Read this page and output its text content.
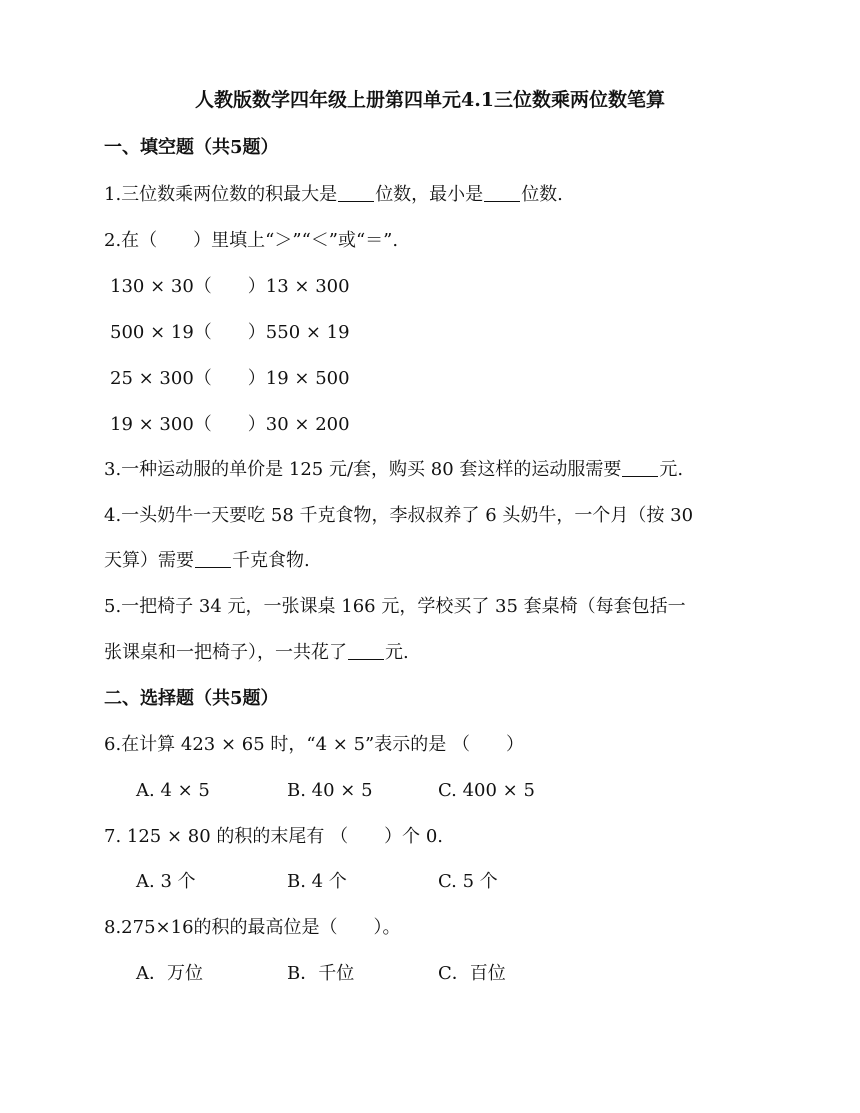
人教版数学四年级上册第四单元4.1三位数乘两位数笔算
一、填空题（共5题）
1.三位数乘两位数的积最大是 位数，最小是 位数.
2.在（　　）里填上“＞”“＜”或“＝”.
130 × 30（　　）13 × 300
500 × 19（　　）550 × 19
25 × 300（　　）19 × 500
19 × 300（　　）30 × 200
3.一种运动服的单价是 125 元/套，购买 80 套这样的运动服需要 元.
4.一头奶牛一天要吃 58 千克食物，李叔叔养了 6 头奶牛，一个月（按 30
天算）需要 千克食物.
5.一把椅子 34 元，一张课桌 166 元，学校买了 35 套桌椅（每套包括一
张课桌和一把椅子），一共花了 元.
二、选择题（共5题）
6.在计算 423 × 65 时，“4 × 5”表示的是 （　　）
A. 4 × 5	B. 40 × 5	C. 400 × 5
7. 125 × 80 的积的末尾有 （　　）个 0.
A. 3 个	B. 4 个	C. 5 个
8.275×16的积的最高位是（　　）。
A．万位	B．千位	C．百位
